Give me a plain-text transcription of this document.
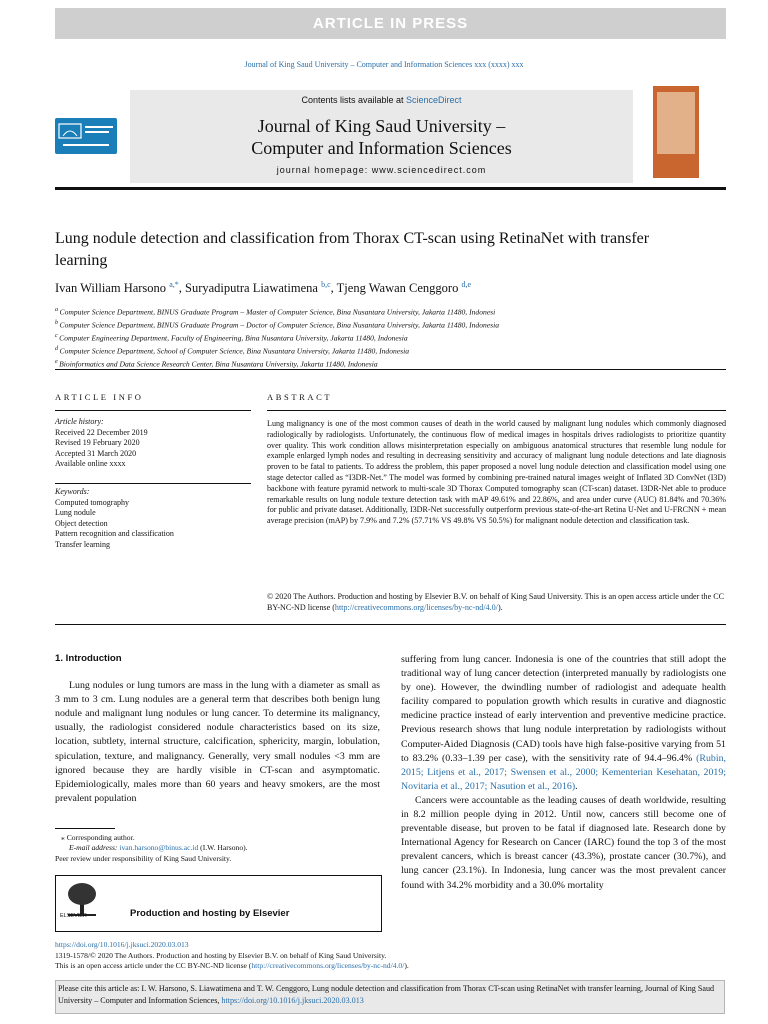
ARTICLE IN PRESS
Journal of King Saud University – Computer and Information Sciences xxx (xxxx) xxx
Contents lists available at ScienceDirect
Journal of King Saud University –
Computer and Information Sciences
journal homepage: www.sciencedirect.com
Lung nodule detection and classification from Thorax CT-scan using RetinaNet with transfer learning
Ivan William Harsono $^{a,*}$, Suryadiputra Liawatimena $^{b,c}$, Tjeng Wawan Cenggoro $^{d,e}$
$^a$ Computer Science Department, BINUS Graduate Program – Master of Computer Science, Bina Nusantara University, Jakarta 11480, Indonesi
$^b$ Computer Science Department, BINUS Graduate Program – Doctor of Computer Science, Bina Nusantara University, Jakarta 11480, Indonesia
$^c$ Computer Engineering Department, Faculty of Engineering, Bina Nusantara University, Jakarta 11480, Indonesia
$^d$ Computer Science Department, School of Computer Science, Bina Nusantara University, Jakarta 11480, Indonesia
$^e$ Bioinformatics and Data Science Research Center, Bina Nusantara University, Jakarta 11480, Indonesia
ARTICLE INFO
Article history:
Received 22 December 2019
Revised 19 February 2020
Accepted 31 March 2020
Available online xxxx
Keywords:
Computed tomography
Lung nodule
Object detection
Pattern recognition and classification
Transfer learning
ABSTRACT
Lung malignancy is one of the most common causes of death in the world caused by malignant lung nodules which commonly diagnosed radiologically by radiologists. Unfortunately, the continuous flow of medical images in hospitals drives radiologists to prioritize quantity over quality. This work condition allows misinterpretation especially on ambiguous anatomical structures that resemble lung nodule for example enlarged lymph nodes and resulting in decreasing sensitivity and accuracy of malignant lung nodule detections and late diagnosis proven to be fatal to patients. To address the problem, this paper proposed a novel lung nodule detection and classification model using one stage detector called as “I3DR-Net.” The model was formed by combining pre-trained natural images weight of Inflated 3D ConvNet (I3D) backbone with feature pyramid network to multi-scale 3D Thorax Computed tomography scan (CT-scan) dataset. I3DR-Net able to produce remarkable results on lung nodule texture detection task with mAP 49.61% and 22.86%, and area under curve (AUC) 81.84% and 70.36% for public and private dataset. Additionally, I3DR-Net successfully outperform previous state-of-the-art Retina U-Net and U-FRCNN + mean average precision (mAP) by 7.9% and 7.2% (57.71% VS 49.8% VS 50.5%) for malignant nodule detection and classification task.
© 2020 The Authors. Production and hosting by Elsevier B.V. on behalf of King Saud University. This is an open access article under the CC BY-NC-ND license (http://creativecommons.org/licenses/by-nc-nd/4.0/).

1. Introduction

Lung nodules or lung tumors are mass in the lung with a diameter as small as 3 mm to 3 cm. Lung nodules are a general term that describes both benign lung nodule and malignant lung nodules or lung cancer. To determine its malignancy, usually, the radiologist considered nodule characteristics based on its size, location, subtlety, internal structure, calcification, sphericity, margin, lobulation, spiculation, texture, and malignancy. Generally, very small nodules <3 mm are ignored because they are hardly visible in CT-scan and asymptomatic. Epidemiologically, males more than 60 years and heavy smokers, are the most prevalent population

suffering from lung cancer. Indonesia is one of the countries that still adopt the traditional way of lung cancer detection (interpreted manually by radiologists one by one). However, the dwindling number of radiologist and adequate health facility compared to population growth which results in curative and diagnostic medicine practice instead of early intervention and preventive medicine practice. Previous research shows that lung nodule interpretation by radiologists without Computer-Aided Diagnosis (CAD) tools have high false-positive varying from 51 to 83.2% (0.33–1.39 per case), with the sensitivity rate of 94.4–96.4% (Rubin, 2015; Litjens et al., 2017; Swensen et al., 2000; Kementerian Kesehatan, 2019; Novitaria et al., 2017; Nasution et al., 2016).

Cancers were accountable as the leading causes of death worldwide, resulting in 8.2 million people dying in 2012. Until now, cancers still become one of preventable disease, but proven to be fatal if diagnosed late. Research done by International Agency for Research on Cancer (IARC) found the top 3 of the most prevalent cancers, which is breast cancer (43.3%), prostate cancer (30.7%), and lung cancer (23.1%). In Indonesia, lung cancer was the most prevalent cancer found with 34.2% morbidity and a 30.0% mortality

⁎ Corresponding author.
E-mail address: ivan.harsono@binus.ac.id (I.W. Harsono).
Peer review under responsibility of King Saud University.
ELSEVIER	Production and hosting by Elsevier
https://doi.org/10.1016/j.jksuci.2020.03.013
1319-1578/© 2020 The Authors. Production and hosting by Elsevier B.V. on behalf of King Saud University.
This is an open access article under the CC BY-NC-ND license (http://creativecommons.org/licenses/by-nc-nd/4.0/).
Please cite this article as: I. W. Harsono, S. Liawatimena and T. W. Cenggoro, Lung nodule detection and classification from Thorax CT-scan using RetinaNet with transfer learning, Journal of King Saud University – Computer and Information Sciences, https://doi.org/10.1016/j.jksuci.2020.03.013
